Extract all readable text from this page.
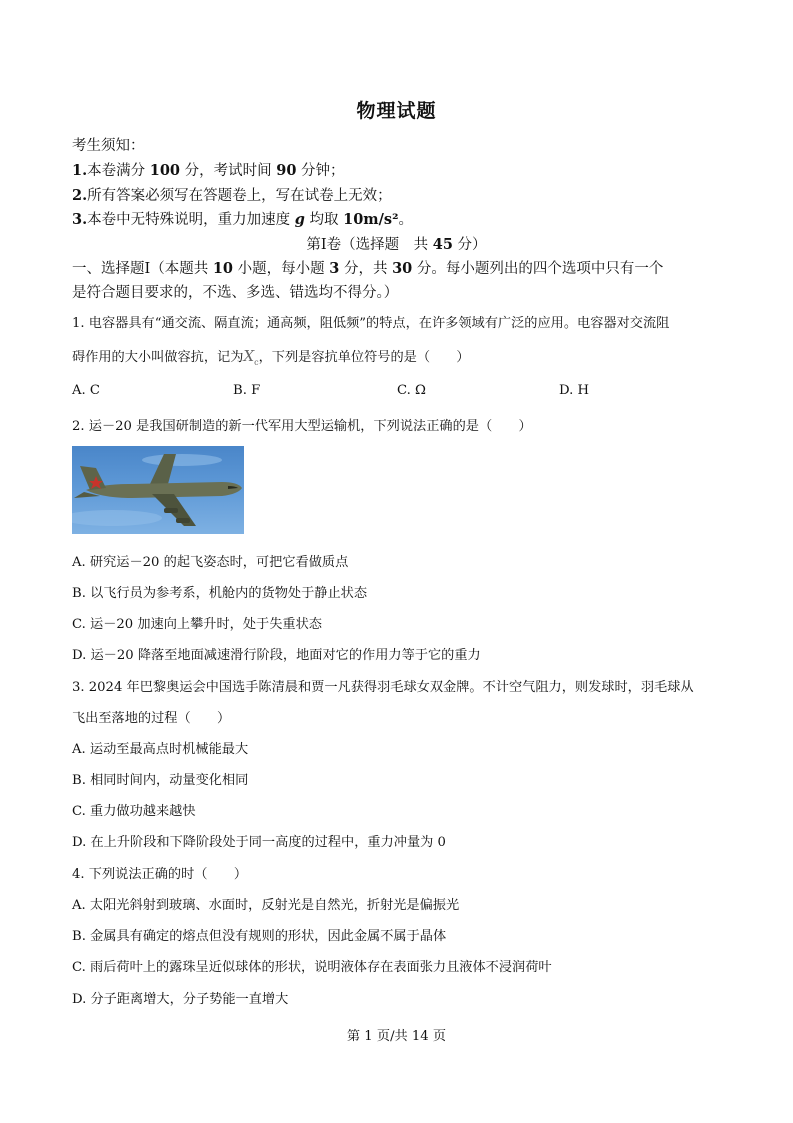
物理试题
考生须知：
1.本卷满分 100 分，考试时间 90 分钟；
2.所有答案必须写在答题卷上，写在试卷上无效；
3.本卷中无特殊说明，重力加速度 g 均取 10m/s²。
第Ⅰ卷（选择题　共 45 分）
一、选择题Ⅰ（本题共 10 小题，每小题 3 分，共 30 分。每小题列出的四个选项中只有一个
是符合题目要求的，不选、多选、错选均不得分。）
1. 电容器具有“通交流、隔直流；通高频，阻低频”的特点，在许多领域有广泛的应用。电容器对交流阻
碍作用的大小叫做容抗，记为$X_c$，下列是容抗单位符号的是（　　）
A. C	B. F	C. Ω	D. H
2. 运－20 是我国研制造的新一代军用大型运输机，下列说法正确的是（　　）
A. 研究运－20 的起飞姿态时，可把它看做质点
B. 以飞行员为参考系，机舱内的货物处于静止状态
C. 运－20 加速向上攀升时，处于失重状态
D. 运－20 降落至地面减速滑行阶段，地面对它的作用力等于它的重力
3. 2024 年巴黎奥运会中国选手陈清晨和贾一凡获得羽毛球女双金牌。不计空气阻力，则发球时，羽毛球从
飞出至落地的过程（　　）
A. 运动至最高点时机械能最大
B. 相同时间内，动量变化相同
C. 重力做功越来越快
D. 在上升阶段和下降阶段处于同一高度的过程中，重力冲量为 0
4. 下列说法正确的时（　　）
A. 太阳光斜射到玻璃、水面时，反射光是自然光，折射光是偏振光
B. 金属具有确定的熔点但没有规则的形状，因此金属不属于晶体
C. 雨后荷叶上的露珠呈近似球体的形状，说明液体存在表面张力且液体不浸润荷叶
D. 分子距离增大，分子势能一直增大
第 1 页/共 14 页
